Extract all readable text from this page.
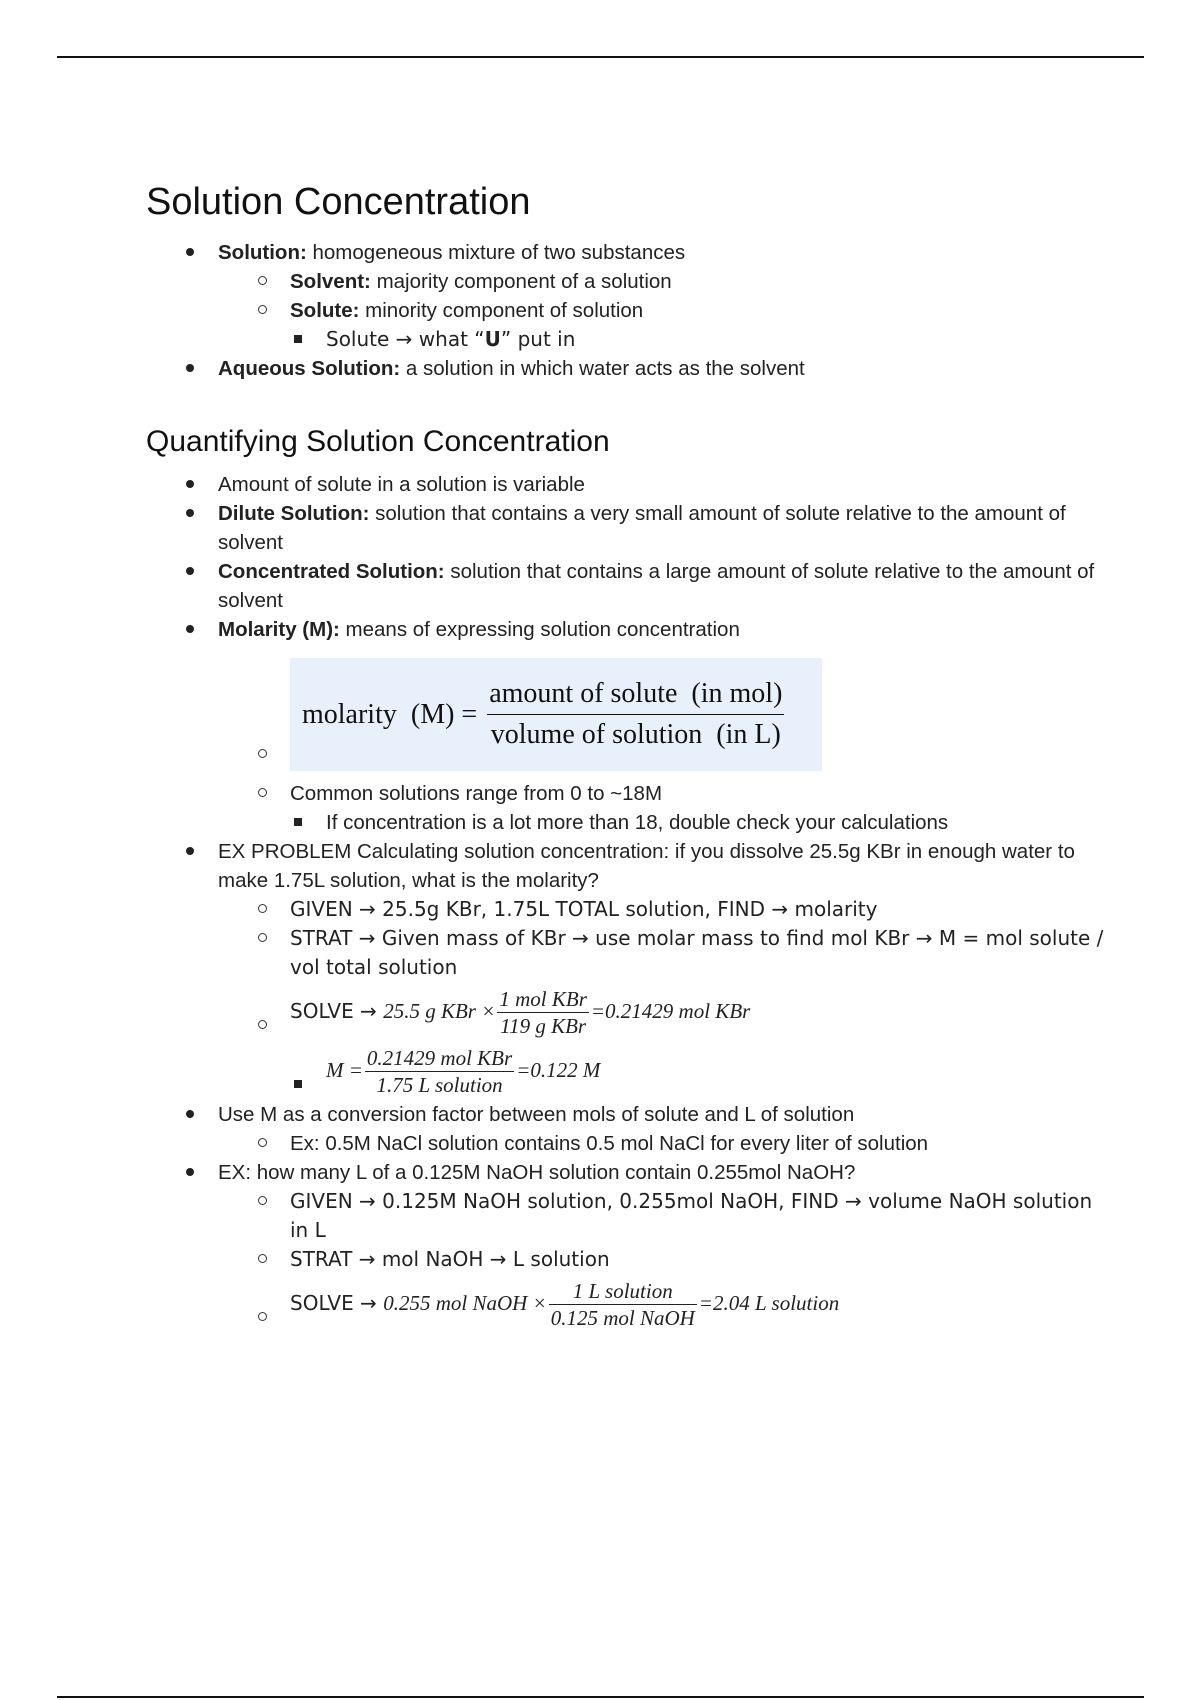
Solution Concentration
Solution: homogeneous mixture of two substances
Solvent: majority component of a solution
Solute: minority component of solution
Solute → what “U” put in
Aqueous Solution: a solution in which water acts as the solvent
Quantifying Solution Concentration
Amount of solute in a solution is variable
Dilute Solution: solution that contains a very small amount of solute relative to the amount of solvent
Concentrated Solution: solution that contains a large amount of solute relative to the amount of solvent
Molarity (M): means of expressing solution concentration
molarity  $(M) = \frac{\text{amount of solute  (in mol)}}{\text{volume of solution  (in L)}}$
Common solutions range from 0 to ~18M
If concentration is a lot more than 18, double check your calculations
EX PROBLEM Calculating solution concentration: if you dissolve 25.5g KBr in enough water to make 1.75L solution, what is the molarity?
GIVEN → 25.5g KBr, 1.75L TOTAL solution, FIND → molarity
STRAT → Given mass of KBr → use molar mass to find mol KBr → M = mol solute / vol total solution
SOLVE → 25.5 g KBr × $\frac{\text{1 mol KBr}}{\text{119 g KBr}} =0.21429$ mol KBr
$M = \frac{\text{0.21429 mol KBr}}{\text{1.75 L solution}} =0.122$ M
Use M as a conversion factor between mols of solute and L of solution
Ex: 0.5M NaCl solution contains 0.5 mol NaCl for every liter of solution
EX: how many L of a 0.125M NaOH solution contain 0.255mol NaOH?
GIVEN → 0.125M NaOH solution, 0.255mol NaOH, FIND → volume NaOH solution in L
STRAT → mol NaOH → L solution
SOLVE → 0.255 mol NaOH × $\frac{\text{1 L solution}}{\text{0.125 mol NaOH}} =2.04$ L solution
